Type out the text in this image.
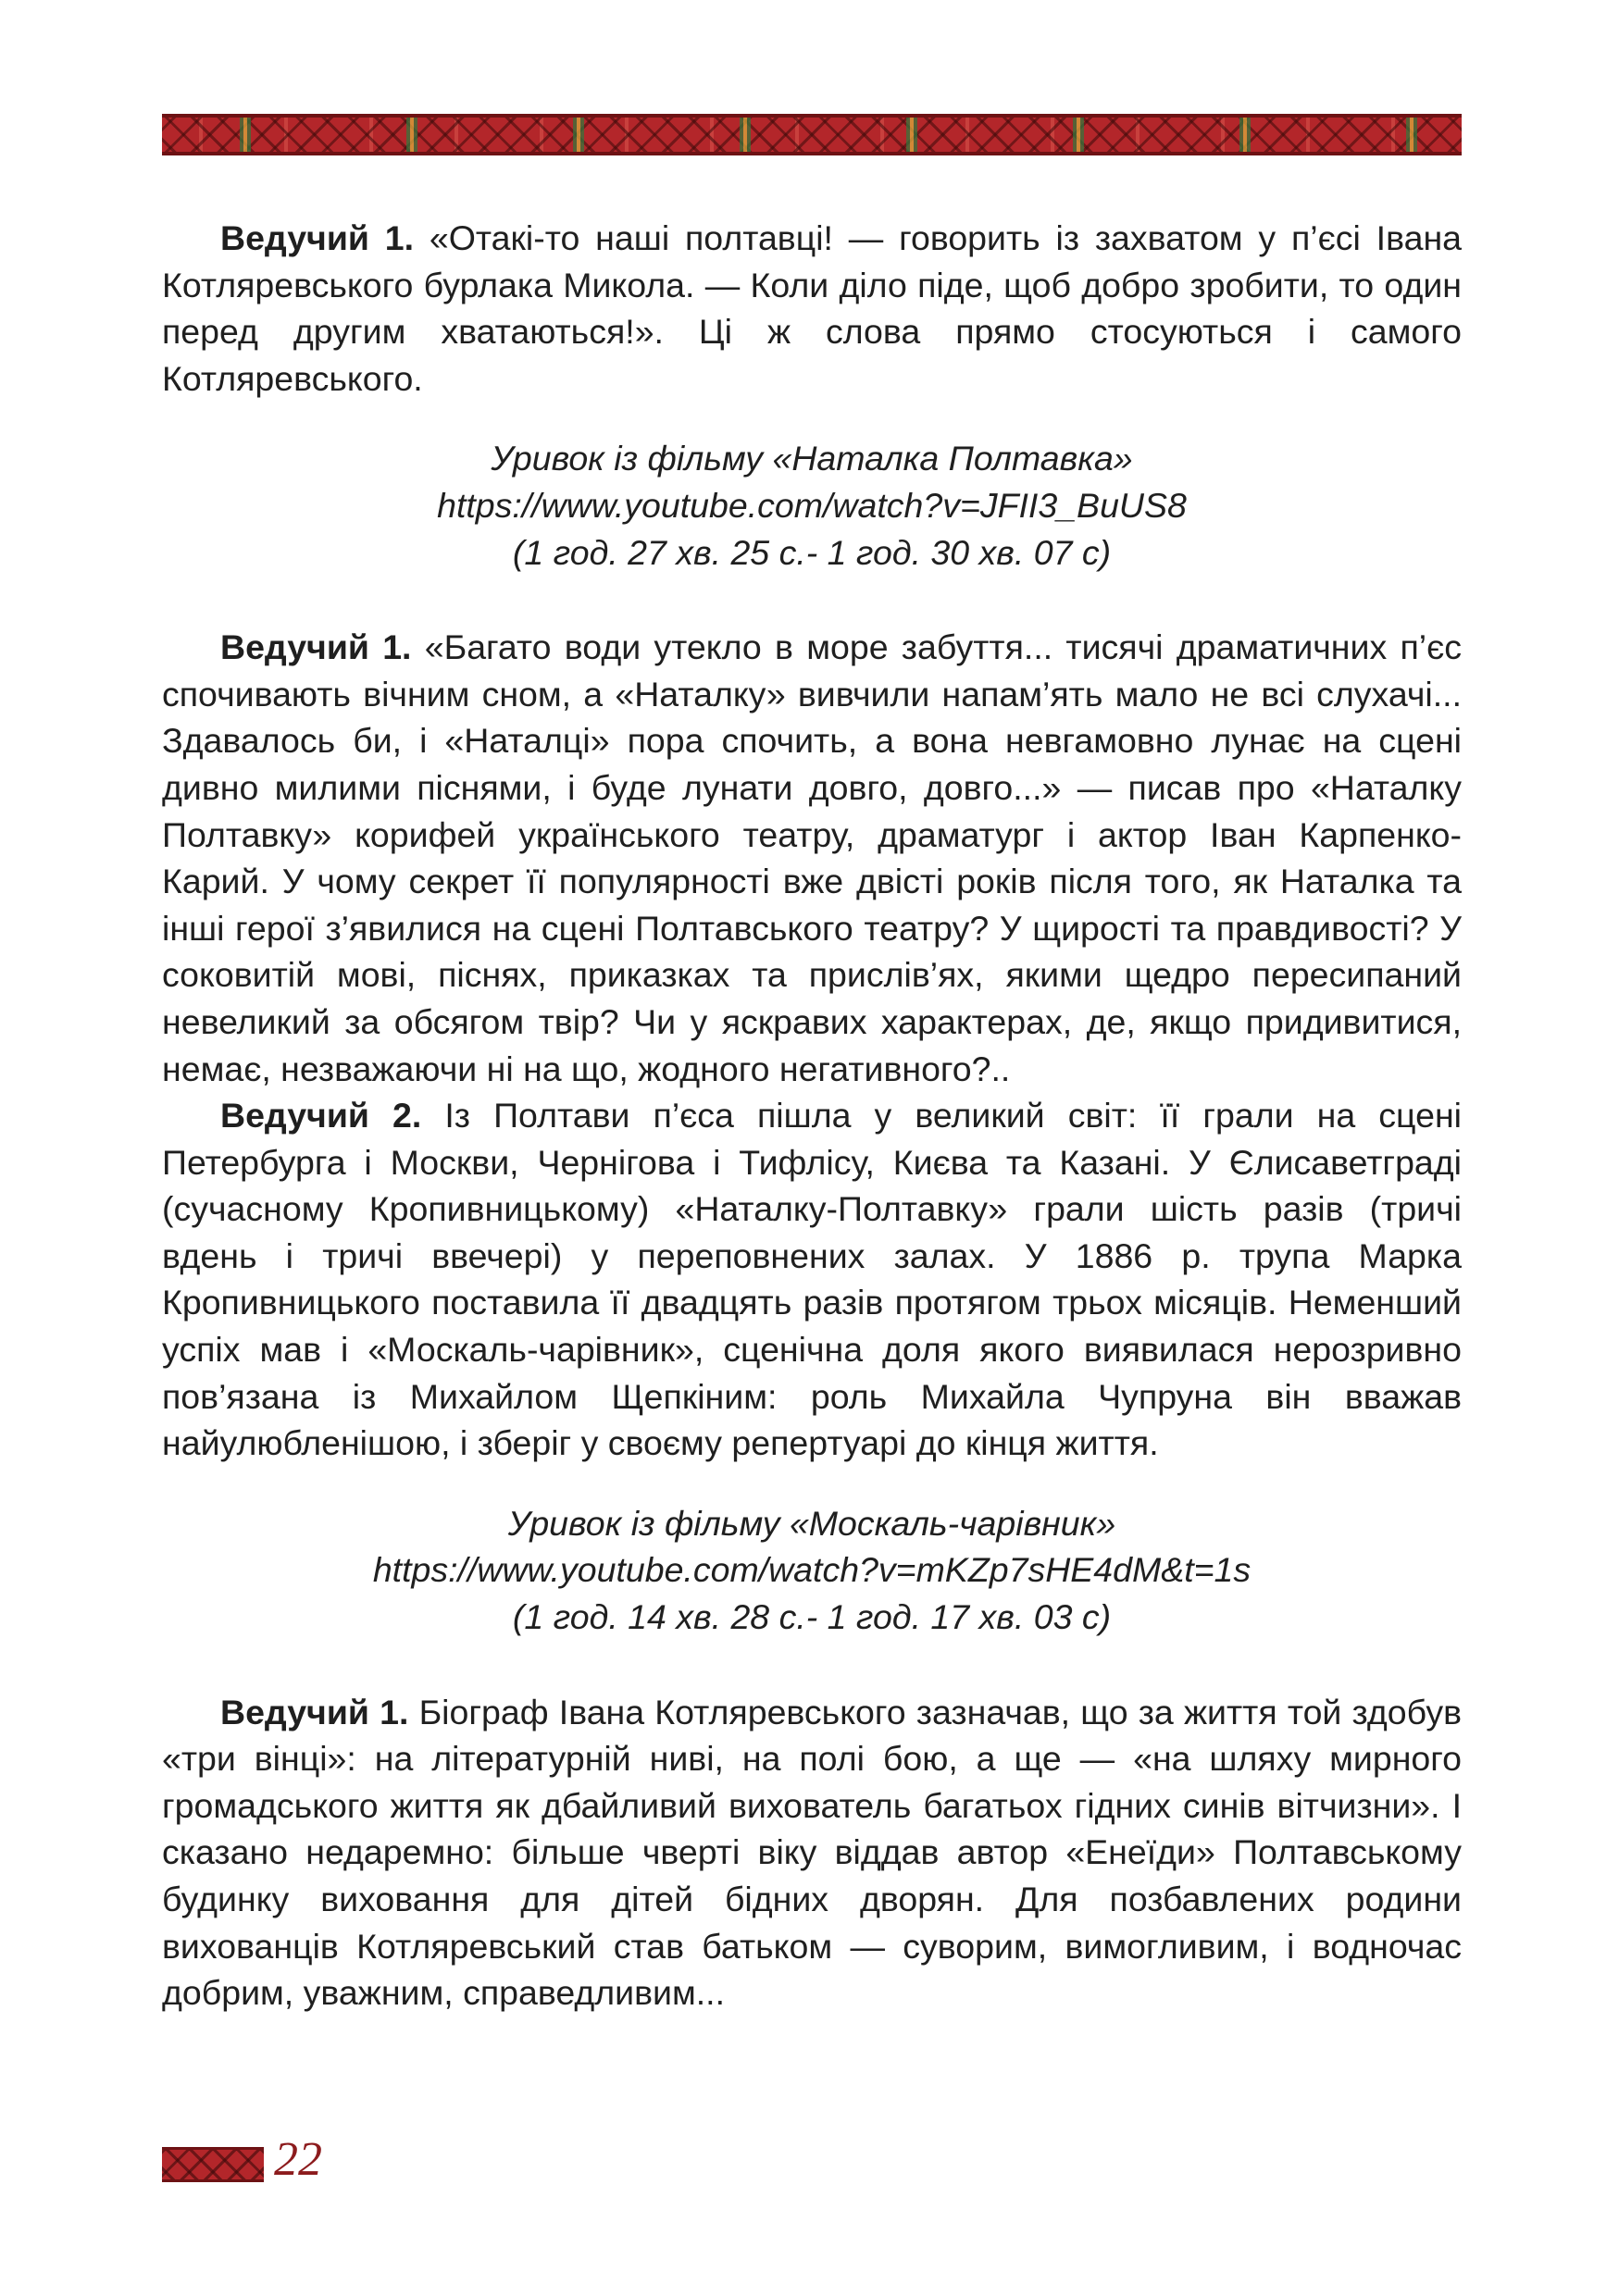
Ведучий 1. «Отакі-то наші полтавці! — говорить із захватом у п’єсі Івана Котляревського бурлака Микола. — Коли діло піде, щоб добро зробити, то один перед другим хватаються!». Ці ж слова прямо стосуються і самого Котляревського.

Уривок із фільму «Наталка Полтавка»
https://www.youtube.com/watch?v=JFII3_BuUS8
(1 год. 27 хв. 25 с.- 1 год. 30 хв. 07 с)

Ведучий 1. «Багато води утекло в море забуття... тисячі драматичних п’єс спочивають вічним сном, а «Наталку» вивчили напам’ять мало не всі слухачі... Здавалось би, і «Наталці» пора спочить, а вона невгамовно лунає на сцені дивно милими піснями, і буде лунати довго, довго...» — писав про «Наталку Полтавку» корифей українського театру, драматург і актор Іван Карпенко-Карий. У чому секрет її популярності вже двісті років після того, як Наталка та інші герої з’явилися на сцені Полтавського театру? У щирості та правдивості? У соковитій мові, піснях, приказках та прислів’ях, якими щедро пересипаний невеликий за обсягом твір? Чи у яскравих характерах, де, якщо придивитися, немає, незважаючи ні на що, жодного негативного?..

Ведучий 2. Із Полтави п’єса пішла у великий світ: її грали на сцені Петербурга і Москви, Чернігова і Тифлісу, Києва та Казані. У Єлисаветграді (сучасному Кропивницькому) «Наталку-Полтавку» грали шість разів (тричі вдень і тричі ввечері) у переповнених залах. У 1886 р. трупа Марка Кропивницького поставила її двадцять разів протягом трьох місяців. Неменший успіх мав і «Москаль-чарівник», сценічна доля якого виявилася нерозривно пов’язана із Михайлом Щепкіним: роль Михайла Чупруна він вважав найулюбленішою, і зберіг у своєму репертуарі до кінця життя.

Уривок із фільму «Москаль-чарівник»
https://www.youtube.com/watch?v=mKZp7sHE4dM&t=1s
(1 год. 14 хв. 28 с.- 1 год. 17 хв. 03 с)

Ведучий 1. Біограф Івана Котляревського зазначав, що за життя той здобув «три вінці»: на літературній ниві, на полі бою, а ще — «на шляху мирного громадського життя як дбайливий вихователь багатьох гідних синів вітчизни». І сказано недаремно: більше чверті віку віддав автор «Енеїди» Полтавському будинку виховання для дітей бідних дворян. Для позбавлених родини вихованців Котляревський став батьком — суворим, вимогливим, і водночас добрим, уважним, справедливим...

22
